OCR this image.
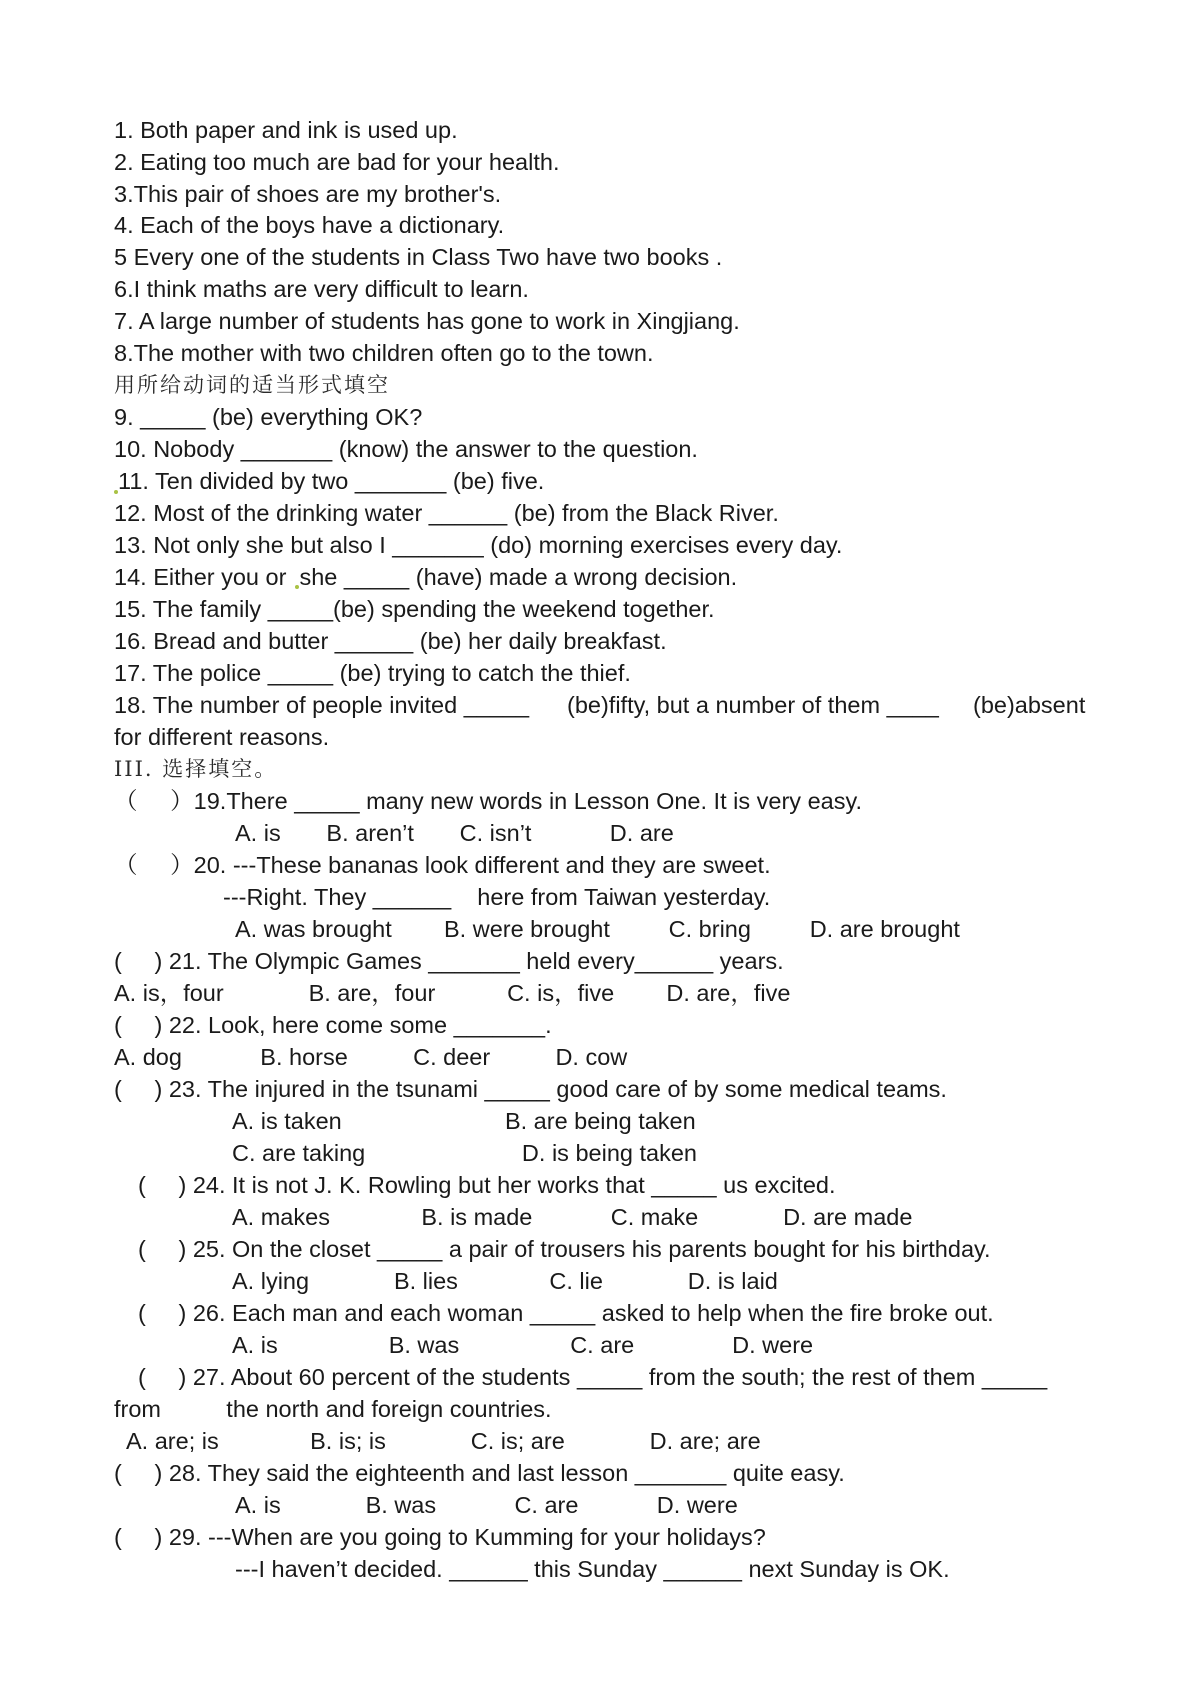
1. Both paper and ink is used up.
2. Eating too much are bad for your health.
3.This pair of shoes are my brother's.
4. Each of the boys have a dictionary.
5 Every one of the students in Class Two have two books .
6.I think maths are very difficult to learn.
7. A large number of students has gone to work in Xingjiang.
8.The mother with two children often go to the town.
用所给动词的适当形式填空
9. _____ (be) everything OK?
10. Nobody _______ (know) the answer to the question.
11. Ten divided by two _______ (be) five.
12. Most of the drinking water ______ (be) from the Black River.
13. Not only she but also I _______ (do) morning exercises every day.
14. Either you or  she _____ (have) made a wrong decision.
15. The family _____(be) spending the weekend together.
16. Bread and butter ______ (be) her daily breakfast.
17. The police _____ (be) trying to catch the thief.
18. The number of people invited _____ (be)fifty, but a number of them ____ (be)absent
for different reasons.
III. 选择填空。
（     ）19.There _____ many new words in Lesson One. It is very easy.
A. is       B. aren’t       C. isn’t            D. are
（     ）20. ---These bananas look different and they are sweet.
---Right. They ______    here from Taiwan yesterday.
A. was brought        B. were brought         C. bring         D. are brought
(     ) 21. The Olympic Games _______ held every______ years.
A. is，four             B. are，four           C. is，five        D. are，five
(     ) 22. Look, here come some _______.
A. dog            B. horse          C. deer          D. cow
(     ) 23. The injured in the tsunami _____ good care of by some medical teams.
A. is taken                         B. are being taken
C. are taking                        D. is being taken
(     ) 24. It is not J. K. Rowling but her works that _____ us excited.
A. makes              B. is made            C. make             D. are made
(     ) 25. On the closet _____ a pair of trousers his parents bought for his birthday.
A. lying             B. lies              C. lie             D. is laid
(     ) 26. Each man and each woman _____ asked to help when the fire broke out.
A. is                 B. was                 C. are               D. were
(     ) 27. About 60 percent of the students _____ from the south; the rest of them _____
from          the north and foreign countries.
A. are; is              B. is; is             C. is; are             D. are; are
(     ) 28. They said the eighteenth and last lesson _______ quite easy.
A. is             B. was            C. are            D. were
(     ) 29. ---When are you going to Kumming for your holidays?
---I haven’t decided. ______ this Sunday ______ next Sunday is OK.
